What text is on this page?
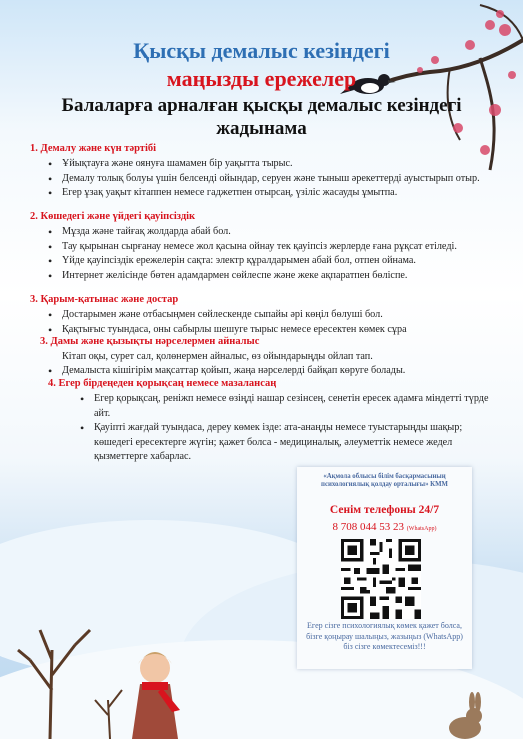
Қысқы демалыс кезіндегі
маңызды ережелер
Балаларға арналған қысқы демалыс кезіндегі жадынама
1. Демалу және күн тәртібі
• Ұйықтауға және оянуға шамамен бір уақытта тырыс.
• Демалу толық болуы үшін белсенді ойындар, серуен және тыныш әрекеттерді ауыстырып отыр.
• Егер ұзақ уақыт кітаппен немесе гаджетпен отырсаң, үзіліс жасауды ұмытпа.
2. Көшедегі және үйдегі қауіпсіздік
• Мұзда және тайғақ жолдарда абай бол.
• Тау қырынан сырғанау немесе жол қасына ойнау тек қауіпсіз жерлерде ғана рұқсат етіледі.
• Үйде қауіпсіздік ережелерін сақта: электр құралдарымен абай бол, отпен ойнама.
• Интернет желісінде бөтен адамдармен сөйлеспе және жеке ақпаратпен бөліспе.
3. Қарым-қатынас және достар
• Достарымен және отбасыңмен сөйлескенде сыпайы әрі көңіл бөлуші бол.
• Қақтығыс туындаса, оны сабырлы шешуге тырыс немесе ересектен көмек сұра
3. Дамы және қызықты нәрселермен айналыс
Кітап оқы, сурет сал, қолөнермен айналыс, өз ойындарыңды ойлап тап.
• Демалыста кішігірім мақсаттар қойып, жаңа нәрселерді байқап көруге болады.
4. Егер бірдеңеден қорықсаң немесе мазалансаң
• Егер қорықсаң, реніжп немесе өзіңді нашар сезінсең, сенетін ересек адамға міндетті түрде айт.
• Қауіпті жағдай туындаса, дереу көмек ізде: ата-анаңды немесе туыстарыңды шақыр; көшедегі ересектерге жүгін; қажет болса - медициналық, әлеуметтік немесе жедел қызметтерге хабарлас.
«Ақмола облысы білім басқармасының психологиялық қолдау орталығы» КММ
Сенім телефоны 24/7
8 708 044 53 23 (WhatsApp)
Егер сізге психологиялық көмек қажет болса, бізге қоңырау шалыңыз, жазыңыз (WhatsApp) біз сізге көмектесеміз!!!
